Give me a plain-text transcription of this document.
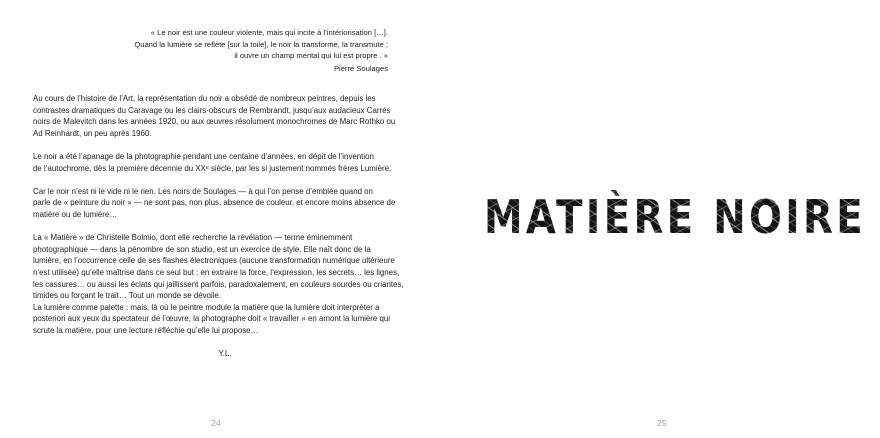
« Le noir est une couleur violente, mais qui incite à l’intériorisation […].
Quand la lumière se reflète [sur la toile], le noir la transforme, la transmute ;
il ouvre un champ mental qui lui est propre . »
Pierre Soulages

Au cours de l’histoire de l’Art, la représentation du noir a obsédé de nombreux peintres, depuis les
contrastes dramatiques du Caravage ou les clairs-obscurs de Rembrandt, jusqu’aux audacieux Carrés
noirs de Malevitch dans les années 1920, ou aux œuvres résolument monochromes de Marc Rothko ou
Ad Reinhardt, un peu après 1960.

Le noir a été l’apanage de la photographie pendant une centaine d’années, en dépit de l’invention
de l’autochrome, dès la première décennie du XXᵉ siècle, par les si justement nommés frères Lumière.

Car le noir n’est ni le vide ni le rien. Les noirs de Soulages — à qui l’on pense d’emblée quand on
parle de « peinture du noir » — ne sont pas, non plus, absence de couleur, et encore moins absence de
matière ou de lumière…

La « Matière » de Christelle Bolmio, dont elle recherche la révélation — terme éminemment
photographique — dans la pénombre de son studio, est un exercice de style. Elle naît donc de la
lumière, en l’occurrence celle de ses flashes électroniques (aucune transformation numérique ultérieure
n’est utilisée) qu’elle maîtrise dans ce seul but : en extraire la force, l’expression, les secrets… les lignes,
les cassures… ou aussi les éclats qui jaillissent parfois, paradoxalement, en couleurs sourdes ou criantes,
timides ou forçant le trait… Tout un monde se dévoile.

La lumière comme palette : mais, là où le peintre module la matière que la lumière doit interpréter a
posteriori aux yeux du spectateur de l’œuvre, la photographe doit « travailler » en amont la lumière qui
scrute la matière, pour une lecture réfléchie qu’elle lui propose…

Y.L.
24
MATIÈRE NOIRE
MATIÈRE NOIRE
MATIÈRE NOIRE
25
